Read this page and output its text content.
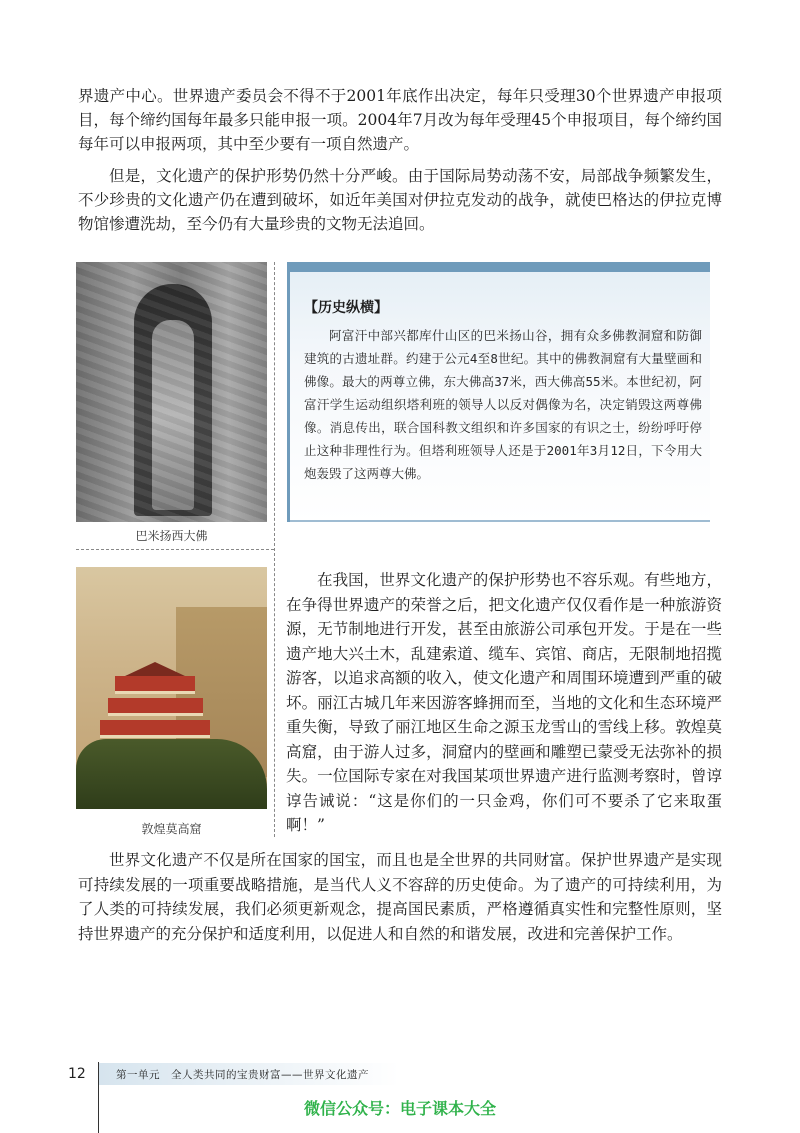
界遗产中心。世界遗产委员会不得不于2001年底作出决定，每年只受理30个世界遗产申报项目，每个缔约国每年最多只能申报一项。2004年7月改为每年受理45个申报项目，每个缔约国每年可以申报两项，其中至少要有一项自然遗产。

但是，文化遗产的保护形势仍然十分严峻。由于国际局势动荡不安，局部战争频繁发生，不少珍贵的文化遗产仍在遭到破坏，如近年美国对伊拉克发动的战争，就使巴格达的伊拉克博物馆惨遭洗劫，至今仍有大量珍贵的文物无法追回。

巴米扬西大佛
【历史纵横】

阿富汗中部兴都库什山区的巴米扬山谷，拥有众多佛教洞窟和防御建筑的古遗址群。约建于公元4至8世纪。其中的佛教洞窟有大量壁画和佛像。最大的两尊立佛，东大佛高37米，西大佛高55米。本世纪初，阿富汗学生运动组织塔利班的领导人以反对偶像为名，决定销毁这两尊佛像。消息传出，联合国科教文组织和许多国家的有识之士，纷纷呼吁停止这种非理性行为。但塔利班领导人还是于2001年3月12日，下令用大炮轰毁了这两尊大佛。

敦煌莫高窟

在我国，世界文化遗产的保护形势也不容乐观。有些地方，在争得世界遗产的荣誉之后，把文化遗产仅仅看作是一种旅游资源，无节制地进行开发，甚至由旅游公司承包开发。于是在一些遗产地大兴土木，乱建索道、缆车、宾馆、商店，无限制地招揽游客，以追求高额的收入，使文化遗产和周围环境遭到严重的破坏。丽江古城几年来因游客蜂拥而至，当地的文化和生态环境严重失衡，导致了丽江地区生命之源玉龙雪山的雪线上移。敦煌莫高窟，由于游人过多，洞窟内的壁画和雕塑已蒙受无法弥补的损失。一位国际专家在对我国某项世界遗产进行监测考察时，曾谆谆告诫说：“这是你们的一只金鸡，你们可不要杀了它来取蛋啊！”

世界文化遗产不仅是所在国家的国宝，而且也是全世界的共同财富。保护世界遗产是实现可持续发展的一项重要战略措施，是当代人义不容辞的历史使命。为了遗产的可持续利用，为了人类的可持续发展，我们必须更新观念，提高国民素质，严格遵循真实性和完整性原则，坚持世界遗产的充分保护和适度利用，以促进人和自然的和谐发展，改进和完善保护工作。

12	第一单元　全人类共同的宝贵财富——世界文化遗产
微信公众号：电子课本大全
